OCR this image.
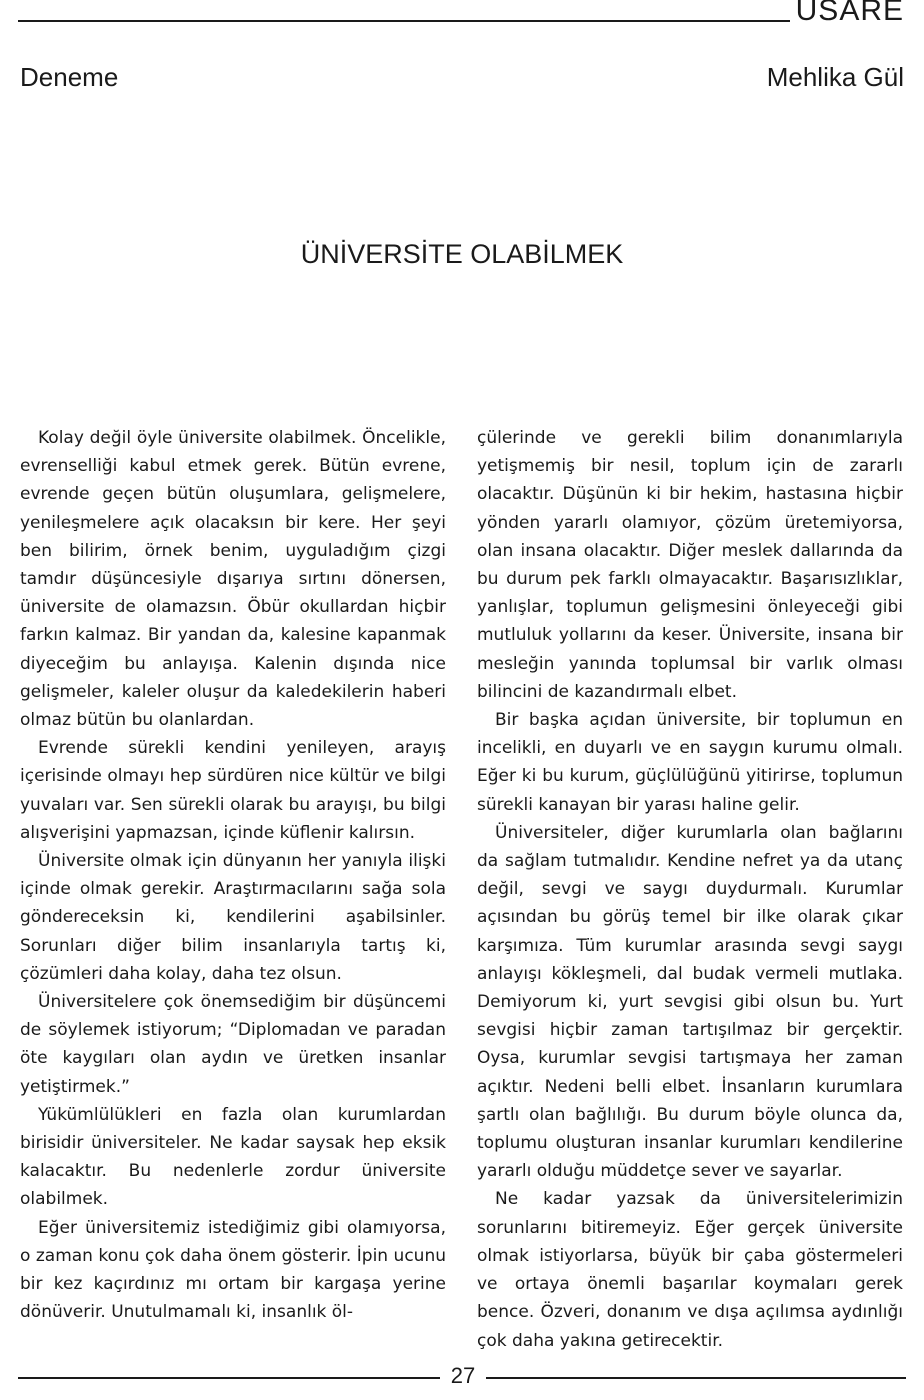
USARE
Deneme	Mehlika Gül
ÜNİVERSİTE OLABİLMEK

Kolay değil öyle üniversite olabilmek. Öncelikle, evrenselliği kabul etmek gerek. Bütün evrene, evrende geçen bütün oluşumlara, gelişmelere, yenileşmelere açık olacaksın bir kere. Her şeyi ben bilirim, örnek benim, uyguladığım çizgi tamdır düşüncesiyle dışarıya sırtını dönersen, üniversite de olamazsın. Öbür okullardan hiçbir farkın kalmaz. Bir yandan da, kalesine kapanmak diyeceğim bu anlayışa. Kalenin dışında nice gelişmeler, kaleler oluşur da kaledekilerin haberi olmaz bütün bu olanlardan.

Evrende sürekli kendini yenileyen, arayış içerisinde olmayı hep sürdüren nice kültür ve bilgi yuvaları var. Sen sürekli olarak bu arayışı, bu bilgi alışverişini yapmazsan, içinde küflenir kalırsın.

Üniversite olmak için dünyanın her yanıyla ilişki içinde olmak gerekir. Araştırmacılarını sağa sola göndereceksin ki, kendilerini aşabilsinler. Sorunları diğer bilim insanlarıyla tartış ki, çözümleri daha kolay, daha tez olsun.

Üniversitelere çok önemsediğim bir düşüncemi de söylemek istiyorum; “Diplomadan ve paradan öte kaygıları olan aydın ve üretken insanlar yetiştirmek.”

Yükümlülükleri en fazla olan kurumlardan birisidir üniversiteler. Ne kadar saysak hep eksik kalacaktır. Bu nedenlerle zordur üniversite olabilmek.

Eğer üniversitemiz istediğimiz gibi olamıyorsa, o zaman konu çok daha önem gösterir. İpin ucunu bir kez kaçırdınız mı ortam bir kargaşa yerine dönüverir. Unutulmamalı ki, insanlık öl-

çülerinde ve gerekli bilim donanımlarıyla yetişmemiş bir nesil, toplum için de zararlı olacaktır. Düşünün ki bir hekim, hastasına hiçbir yönden yararlı olamıyor, çözüm üretemiyorsa, olan insana olacaktır. Diğer meslek dallarında da bu durum pek farklı olmayacaktır. Başarısızlıklar, yanlışlar, toplumun gelişmesini önleyeceği gibi mutluluk yollarını da keser. Üniversite, insana bir mesleğin yanında toplumsal bir varlık olması bilincini de kazandırmalı elbet.

Bir başka açıdan üniversite, bir toplumun en incelikli, en duyarlı ve en saygın kurumu olmalı. Eğer ki bu kurum, güçlülüğünü yitirirse, toplumun sürekli kanayan bir yarası haline gelir.

Üniversiteler, diğer kurumlarla olan bağlarını da sağlam tutmalıdır. Kendine nefret ya da utanç değil, sevgi ve saygı duydurmalı. Kurumlar açısından bu görüş temel bir ilke olarak çıkar karşımıza. Tüm kurumlar arasında sevgi saygı anlayışı kökleşmeli, dal budak vermeli mutlaka. Demiyorum ki, yurt sevgisi gibi olsun bu. Yurt sevgisi hiçbir zaman tartışılmaz bir gerçektir. Oysa, kurumlar sevgisi tartışmaya her zaman açıktır. Nedeni belli elbet. İnsanların kurumlara şartlı olan bağlılığı. Bu durum böyle olunca da, toplumu oluşturan insanlar kurumları kendilerine yararlı olduğu müddetçe sever ve sayarlar.

Ne kadar yazsak da üniversitelerimizin sorunlarını bitiremeyiz. Eğer gerçek üniversite olmak istiyorlarsa, büyük bir çaba göstermeleri ve ortaya önemli başarılar koymaları gerek bence. Özveri, donanım ve dışa açılımsa aydınlığı çok daha yakına getirecektir.

27
